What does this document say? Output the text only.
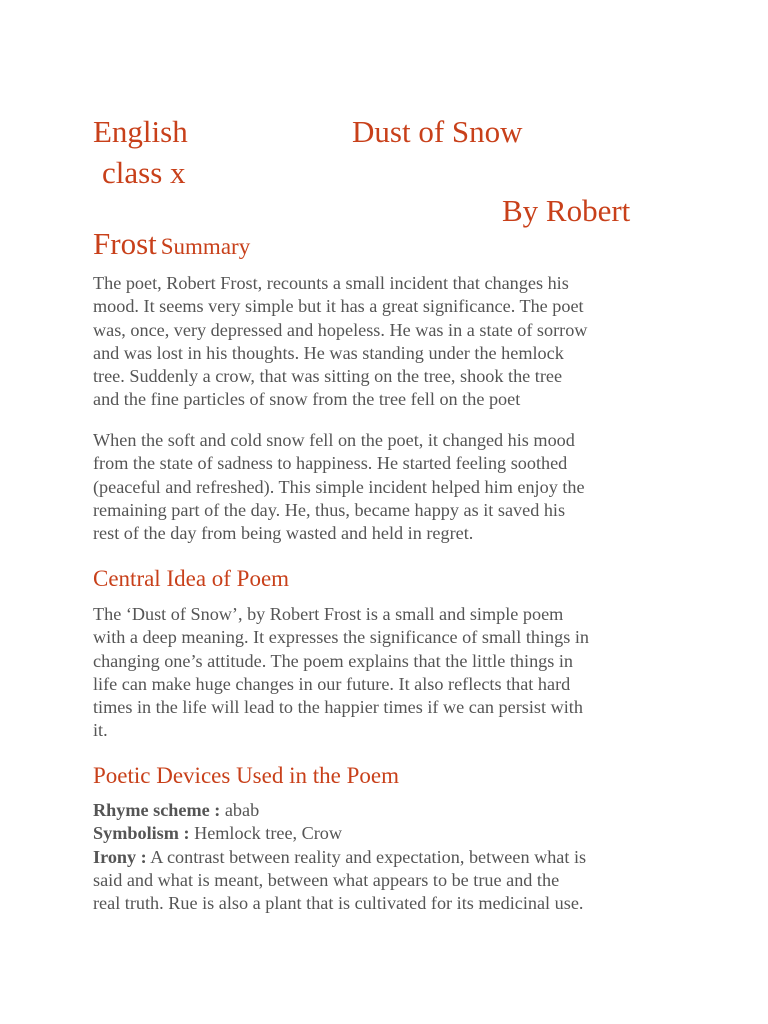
English	Dust of Snow
class x
By Robert
Frost Summary
The poet, Robert Frost, recounts a small incident that changes his
mood. It seems very simple but it has a great significance. The poet
was, once, very depressed and hopeless. He was in a state of sorrow
and was lost in his thoughts. He was standing under the hemlock
tree. Suddenly a crow, that was sitting on the tree, shook the tree
and the fine particles of snow from the tree fell on the poet
When the soft and cold snow fell on the poet, it changed his mood
from the state of sadness to happiness. He started feeling soothed
(peaceful and refreshed). This simple incident helped him enjoy the
remaining part of the day. He, thus, became happy as it saved his
rest of the day from being wasted and held in regret.
Central Idea of Poem
The ‘Dust of Snow’, by Robert Frost is a small and simple poem
with a deep meaning. It expresses the significance of small things in
changing one’s attitude. The poem explains that the little things in
life can make huge changes in our future. It also reflects that hard
times in the life will lead to the happier times if we can persist with
it.
Poetic Devices Used in the Poem
Rhyme scheme : abab
Symbolism : Hemlock tree, Crow
Irony : A contrast between reality and expectation, between what is
said and what is meant, between what appears to be true and the
real truth. Rue is also a plant that is cultivated for its medicinal use.
